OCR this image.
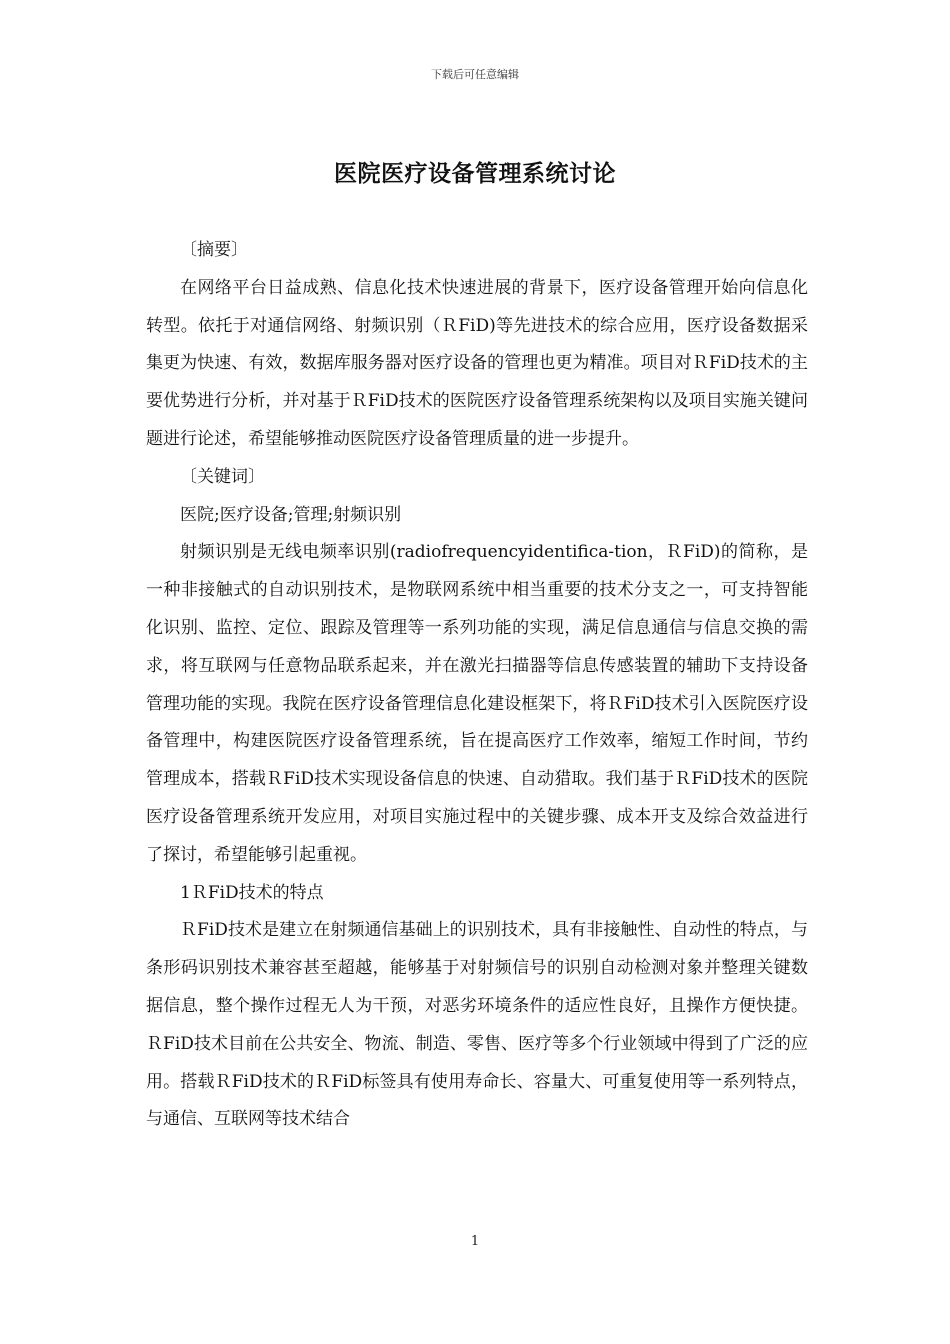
下载后可任意编辑
医院医疗设备管理系统讨论

〔摘要〕

在网络平台日益成熟、信息化技术快速进展的背景下，医疗设备管理开始向信息化转型。依托于对通信网络、射频识别（ＲFiD)等先进技术的综合应用，医疗设备数据采集更为快速、有效，数据库服务器对医疗设备的管理也更为精准。项目对ＲFiD技术的主要优势进行分析，并对基于ＲFiD技术的医院医疗设备管理系统架构以及项目实施关键问题进行论述，希望能够推动医院医疗设备管理质量的进一步提升。

〔关键词〕

医院;医疗设备;管理;射频识别

射频识别是无线电频率识别(radiofrequencyidentifica-tion，ＲFiD)的简称，是一种非接触式的自动识别技术，是物联网系统中相当重要的技术分支之一，可支持智能化识别、监控、定位、跟踪及管理等一系列功能的实现，满足信息通信与信息交换的需求，将互联网与任意物品联系起来，并在激光扫描器等信息传感装置的辅助下支持设备管理功能的实现。我院在医疗设备管理信息化建设框架下，将ＲFiD技术引入医院医疗设备管理中，构建医院医疗设备管理系统，旨在提高医疗工作效率，缩短工作时间，节约管理成本，搭载ＲFiD技术实现设备信息的快速、自动猎取。我们基于ＲFiD技术的医院医疗设备管理系统开发应用，对项目实施过程中的关键步骤、成本开支及综合效益进行了探讨，希望能够引起重视。

1ＲFiD技术的特点

ＲFiD技术是建立在射频通信基础上的识别技术，具有非接触性、自动性的特点，与条形码识别技术兼容甚至超越，能够基于对射频信号的识别自动检测对象并整理关键数据信息，整个操作过程无人为干预，对恶劣环境条件的适应性良好，且操作方便快捷。ＲFiD技术目前在公共安全、物流、制造、零售、医疗等多个行业领域中得到了广泛的应用。搭载ＲFiD技术的ＲFiD标签具有使用寿命长、容量大、可重复使用等一系列特点，与通信、互联网等技术结合

1
